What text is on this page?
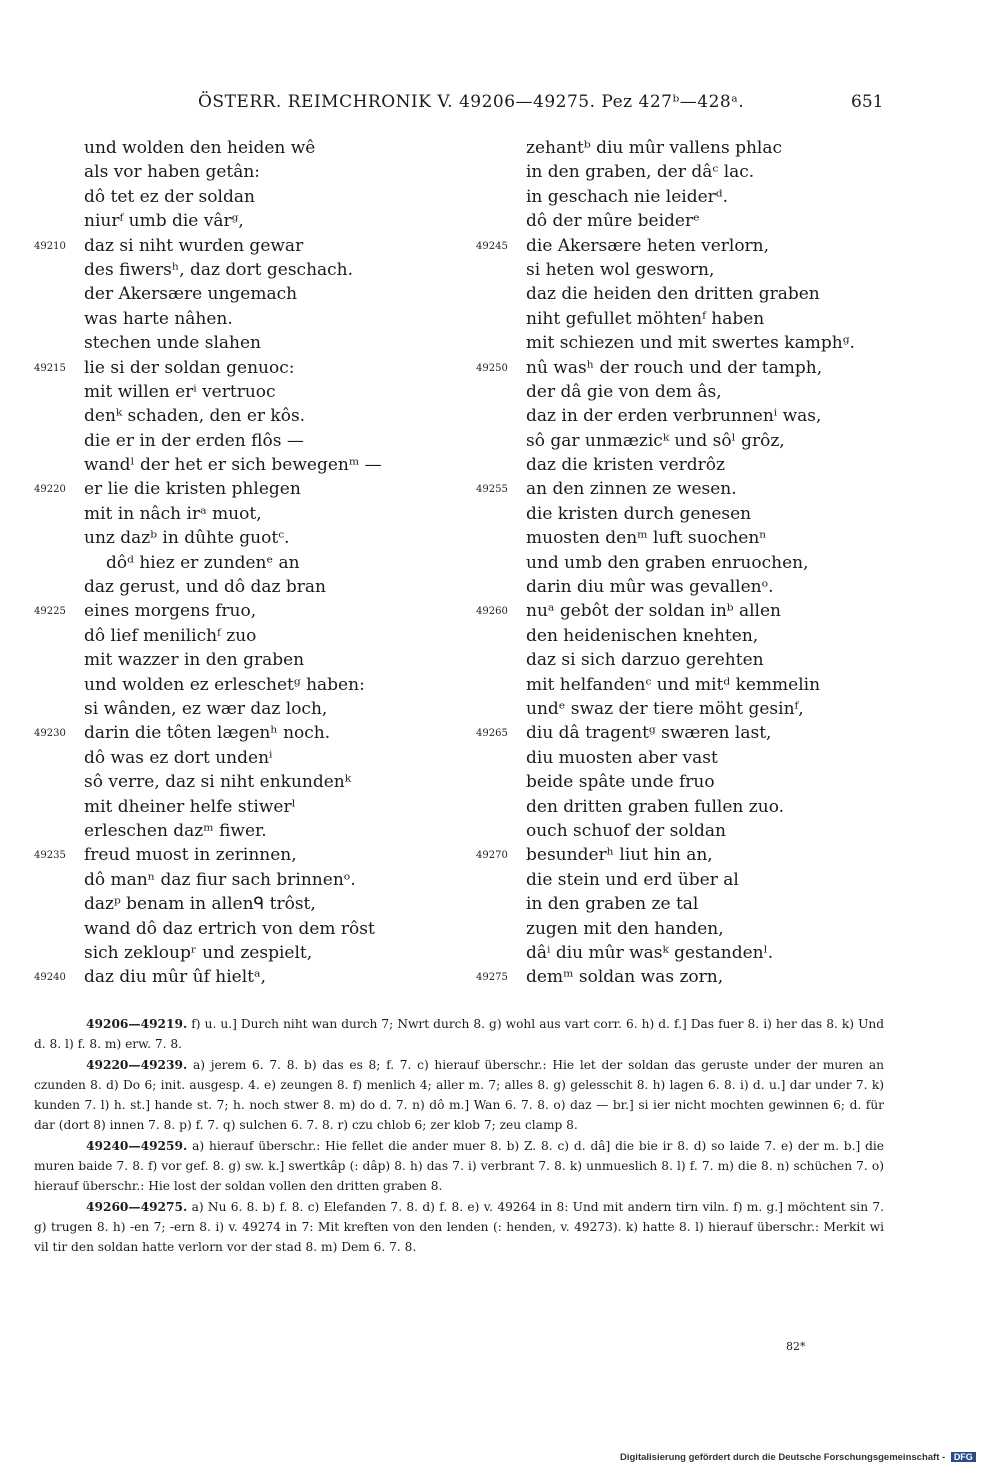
ÖSTERR. REIMCHRONIK V. 49206—49275. Pez 427ᵇ—428ᵃ.	651
und wolden den heiden wê
als vor haben getân:
dô tet ez der soldan
niurᶠ umb die vârᵍ,
49210	daz si niht wurden gewar
des fiwersʰ, daz dort geschach.
der Akersære ungemach
was harte nâhen.
stechen unde slahen
49215	lie si der soldan genuoc:
mit willen erⁱ vertruoc
denᵏ schaden, den er kôs.
die er in der erden flôs —
wandˡ der het er sich bewegenᵐ —
49220	er lie die kristen phlegen
mit in nâch irᵃ muot,
unz dazᵇ in dûhte guotᶜ.
dôᵈ hiez er zundenᵉ an
daz gerust, und dô daz bran
49225	eines morgens fruo,
dô lief menilichᶠ zuo
mit wazzer in den graben
und wolden ez erleschetᵍ haben:
si wânden, ez wær daz loch,
49230	darin die tôten lægenʰ noch.
dô was ez dort undenⁱ
sô verre, daz si niht enkundenᵏ
mit dheiner helfe stiwerˡ
erleschen dazᵐ fiwer.
49235	freud muost in zerinnen,
dô manⁿ daz fiur sach brinnenᵒ.
dazᵖ benam in allenᑫ trôst,
wand dô daz ertrich von dem rôst
sich zekloupʳ und zespielt,
49240	daz diu mûr ûf hieltᵃ,
zehantᵇ diu mûr vallens phlac
in den graben, der dâᶜ lac.
in geschach nie leiderᵈ.
dô der mûre beiderᵉ
49245	die Akersære heten verlorn,
si heten wol gesworn,
daz die heiden den dritten graben
niht gefullet möhtenᶠ haben
mit schiezen und mit swertes kamphᵍ.
49250	nû wasʰ der rouch und der tamph,
der dâ gie von dem âs,
daz in der erden verbrunnenⁱ was,
sô gar unmæzicᵏ und sôˡ grôz,
daz die kristen verdrôz
49255	an den zinnen ze wesen.
die kristen durch genesen
muosten denᵐ luft suochenⁿ
und umb den graben enruochen,
darin diu mûr was gevallenᵒ.
49260	nuᵃ gebôt der soldan inᵇ allen
den heidenischen knehten,
daz si sich darzuo gerehten
mit helfandenᶜ und mitᵈ kemmelin
undᵉ swaz der tiere möht gesinᶠ,
49265	diu dâ tragentᵍ swæren last,
diu muosten aber vast
beide spâte unde fruo
den dritten graben fullen zuo.
ouch schuof der soldan
49270	besunderʰ liut hin an,
die stein und erd über al
in den graben ze tal
zugen mit den handen,
dâⁱ diu mûr wasᵏ gestandenˡ.
49275	demᵐ soldan was zorn,

49206—49219. f) u. u.] Durch niht wan durch 7; Nwrt durch 8. g) wohl aus vart corr. 6. h) d. f.] Das fuer 8. i) her das 8. k) Und d. 8. l) f. 8. m) erw. 7. 8.

49220—49239. a) jerem 6. 7. 8. b) das es 8; f. 7. c) hierauf überschr.: Hie let der soldan das geruste under der muren an czunden 8. d) Do 6; init. ausgesp. 4. e) zeungen 8. f) menlich 4; aller m. 7; alles 8. g) gelesschit 8. h) lagen 6. 8. i) d. u.] dar under 7. k) kunden 7. l) h. st.] hande st. 7; h. noch stwer 8. m) do d. 7. n) dô m.] Wan 6. 7. 8. o) daz — br.] si ier nicht mochten gewinnen 6; d. für dar (dort 8) innen 7. 8. p) f. 7. q) sulchen 6. 7. 8. r) czu chlob 6; zer klob 7; zeu clamp 8.

49240—49259. a) hierauf überschr.: Hie fellet die ander muer 8. b) Z. 8. c) d. dâ] die bie ir 8. d) so laide 7. e) der m. b.] die muren baide 7. 8. f) vor gef. 8. g) sw. k.] swertkâp (: dâp) 8. h) das 7. i) verbrant 7. 8. k) unmueslich 8. l) f. 7. m) die 8. n) schüchen 7. o) hierauf überschr.: Hie lost der soldan vollen den dritten graben 8.

49260—49275. a) Nu 6. 8. b) f. 8. c) Elefanden 7. 8. d) f. 8. e) v. 49264 in 8: Und mit andern tirn viln. f) m. g.] möchtent sin 7. g) trugen 8. h) -en 7; -ern 8. i) v. 49274 in 7: Mit kreften von den lenden (: henden, v. 49273). k) hatte 8. l) hierauf überschr.: Merkit wi vil tir den soldan hatte verlorn vor der stad 8. m) Dem 6. 7. 8.

82*
Digitalisierung gefördert durch die Deutsche Forschungsgemeinschaft - DFG
